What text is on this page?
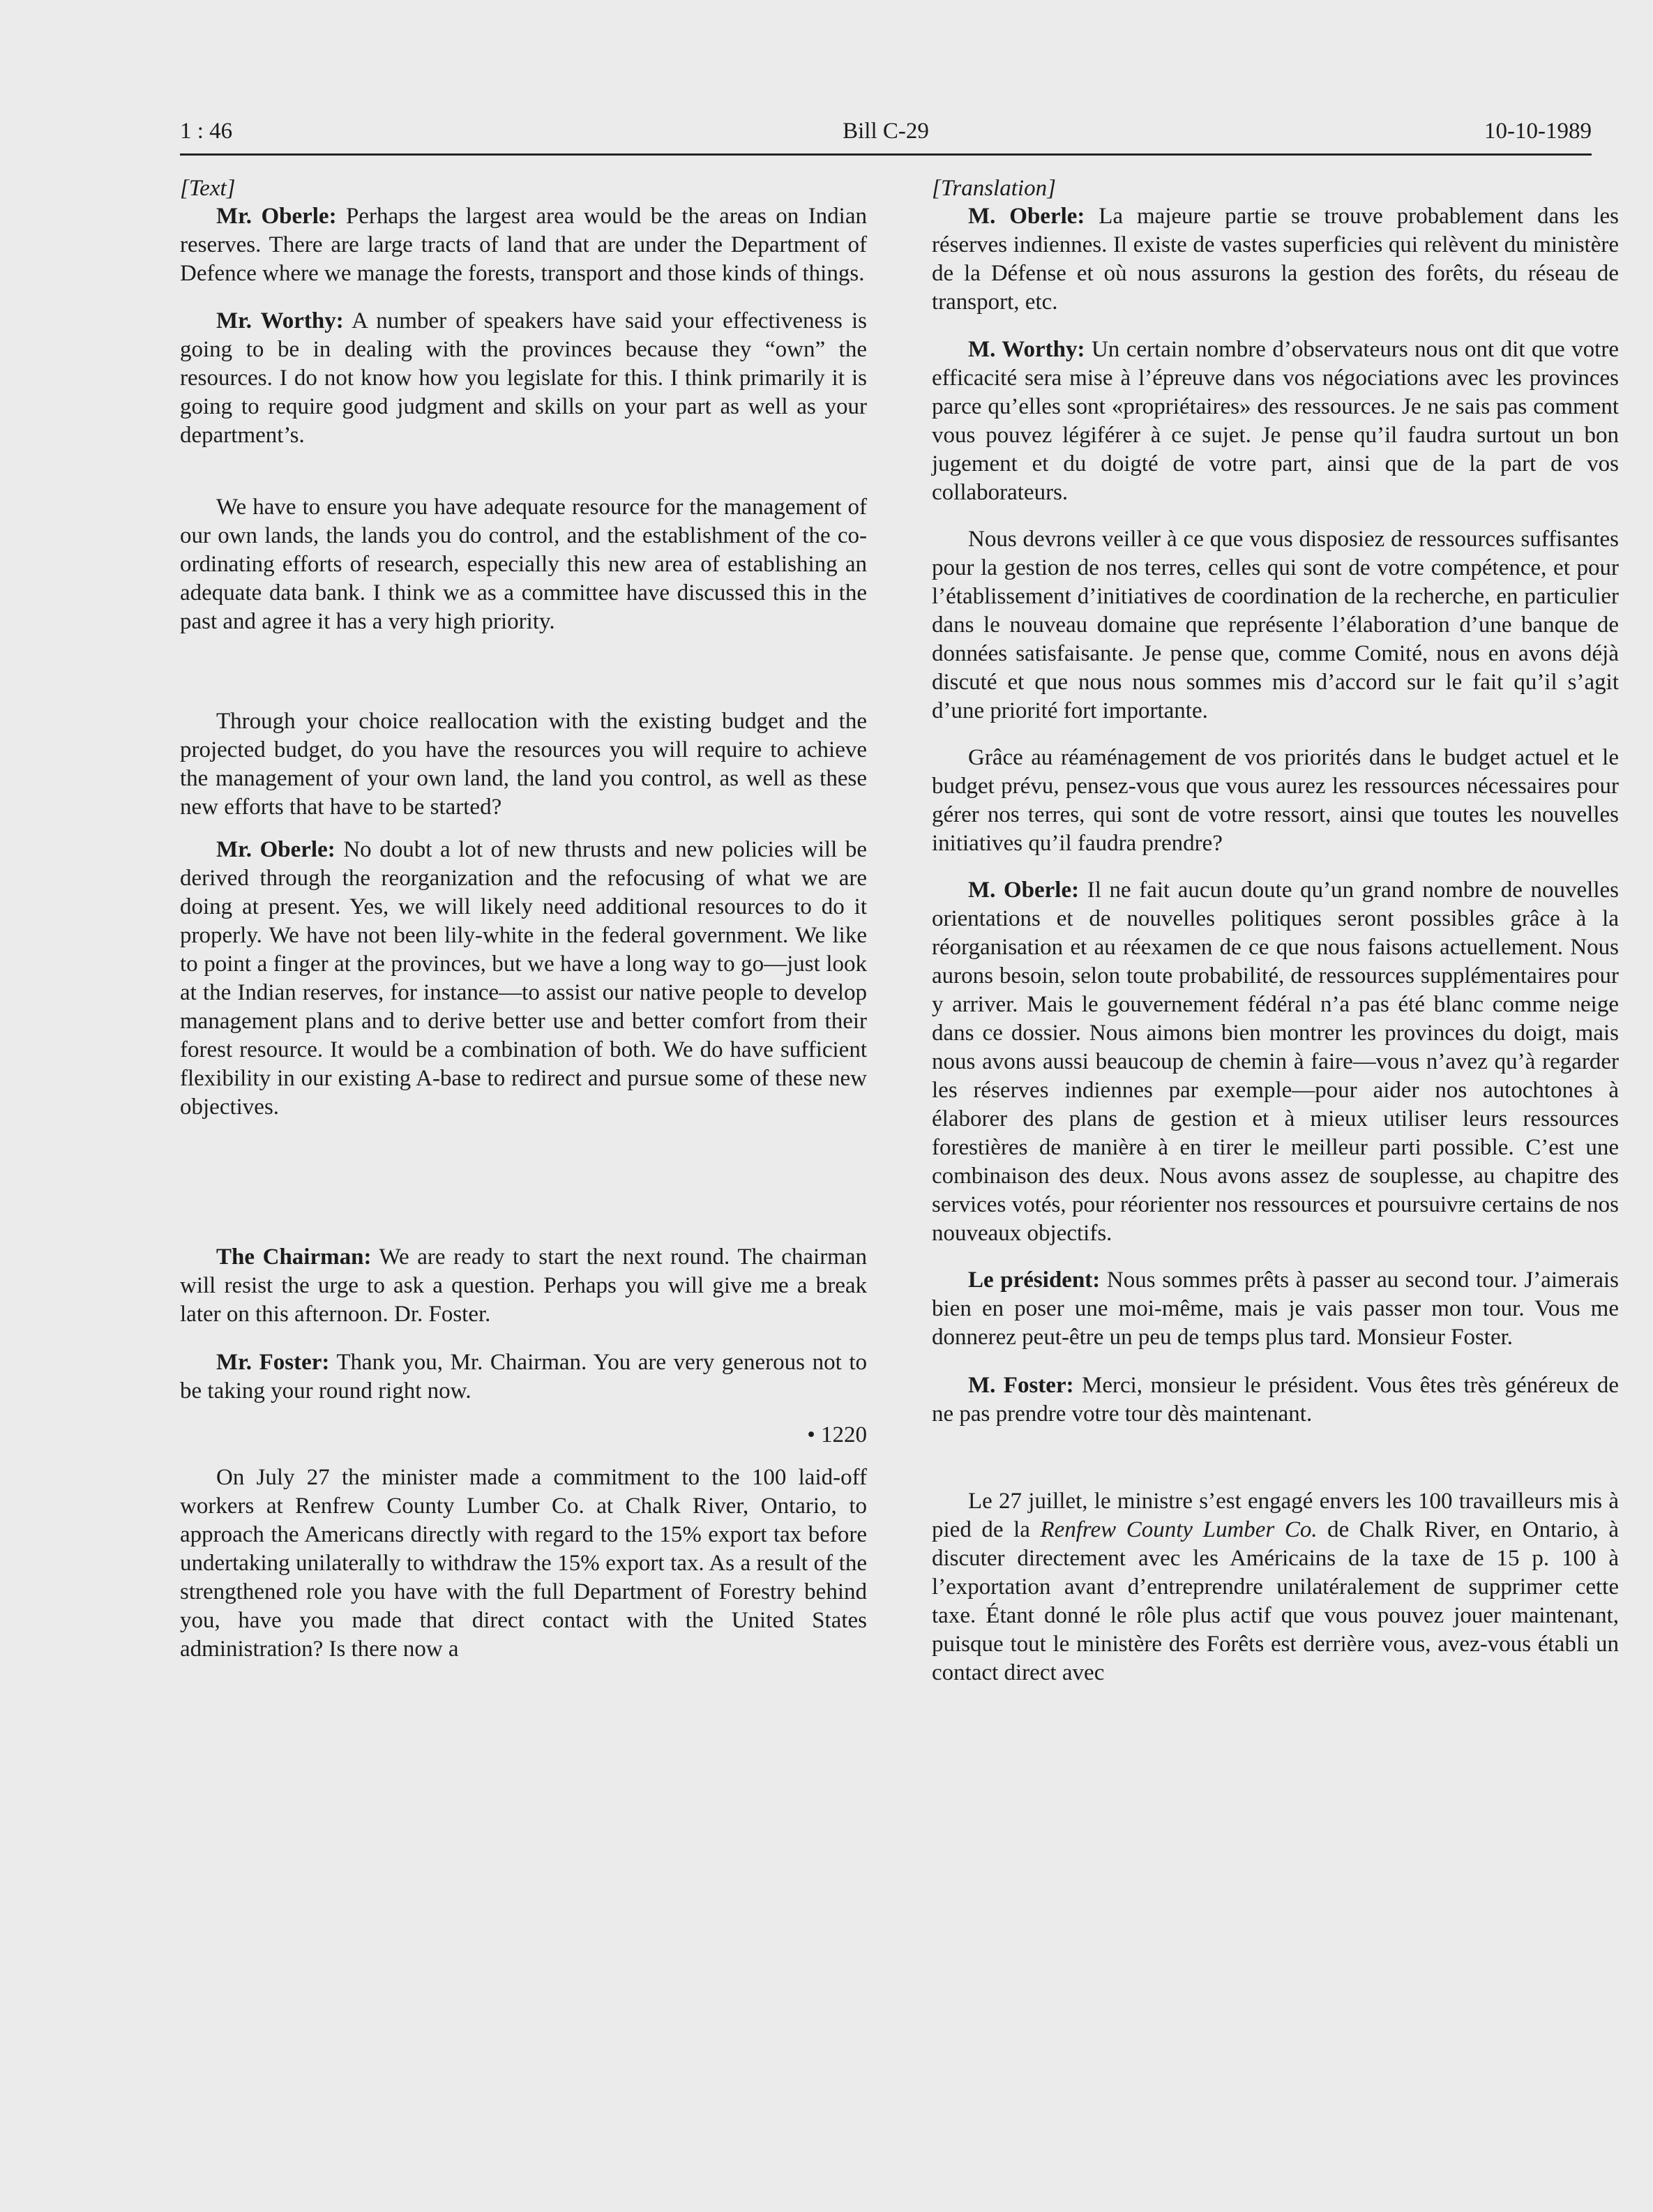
1 : 46	Bill C-29	10-10-1989
[Text]

Mr. Oberle: Perhaps the largest area would be the areas on Indian reserves. There are large tracts of land that are under the Department of Defence where we manage the forests, transport and those kinds of things.

Mr. Worthy: A number of speakers have said your effectiveness is going to be in dealing with the provinces because they “own” the resources. I do not know how you legislate for this. I think primarily it is going to require good judgment and skills on your part as well as your department’s.

We have to ensure you have adequate resource for the management of our own lands, the lands you do control, and the establishment of the co-ordinating efforts of research, especially this new area of establishing an adequate data bank. I think we as a committee have discussed this in the past and agree it has a very high priority.

Through your choice reallocation with the existing budget and the projected budget, do you have the resources you will require to achieve the management of your own land, the land you control, as well as these new efforts that have to be started?

Mr. Oberle: No doubt a lot of new thrusts and new policies will be derived through the reorganization and the refocusing of what we are doing at present. Yes, we will likely need additional resources to do it properly. We have not been lily-white in the federal government. We like to point a finger at the provinces, but we have a long way to go—just look at the Indian reserves, for instance—to assist our native people to develop management plans and to derive better use and better comfort from their forest resource. It would be a combination of both. We do have sufficient flexibility in our existing A-base to redirect and pursue some of these new objectives.

The Chairman: We are ready to start the next round. The chairman will resist the urge to ask a question. Perhaps you will give me a break later on this afternoon. Dr. Foster.

Mr. Foster: Thank you, Mr. Chairman. You are very generous not to be taking your round right now.

• 1220

On July 27 the minister made a commitment to the 100 laid-off workers at Renfrew County Lumber Co. at Chalk River, Ontario, to approach the Americans directly with regard to the 15% export tax before undertaking unilaterally to withdraw the 15% export tax. As a result of the strengthened role you have with the full Department of Forestry behind you, have you made that direct contact with the United States administration? Is there now a

[Translation]

M. Oberle: La majeure partie se trouve probablement dans les réserves indiennes. Il existe de vastes superficies qui relèvent du ministère de la Défense et où nous assurons la gestion des forêts, du réseau de transport, etc.

M. Worthy: Un certain nombre d’observateurs nous ont dit que votre efficacité sera mise à l’épreuve dans vos négociations avec les provinces parce qu’elles sont «propriétaires» des ressources. Je ne sais pas comment vous pouvez légiférer à ce sujet. Je pense qu’il faudra surtout un bon jugement et du doigté de votre part, ainsi que de la part de vos collaborateurs.

Nous devrons veiller à ce que vous disposiez de ressources suffisantes pour la gestion de nos terres, celles qui sont de votre compétence, et pour l’établissement d’initiatives de coordination de la recherche, en particulier dans le nouveau domaine que représente l’élaboration d’une banque de données satisfaisante. Je pense que, comme Comité, nous en avons déjà discuté et que nous nous sommes mis d’accord sur le fait qu’il s’agit d’une priorité fort importante.

Grâce au réaménagement de vos priorités dans le budget actuel et le budget prévu, pensez-vous que vous aurez les ressources nécessaires pour gérer nos terres, qui sont de votre ressort, ainsi que toutes les nouvelles initiatives qu’il faudra prendre?

M. Oberle: Il ne fait aucun doute qu’un grand nombre de nouvelles orientations et de nouvelles politiques seront possibles grâce à la réorganisation et au réexamen de ce que nous faisons actuellement. Nous aurons besoin, selon toute probabilité, de ressources supplémentaires pour y arriver. Mais le gouvernement fédéral n’a pas été blanc comme neige dans ce dossier. Nous aimons bien montrer les provinces du doigt, mais nous avons aussi beaucoup de chemin à faire—vous n’avez qu’à regarder les réserves indiennes par exemple—pour aider nos autochtones à élaborer des plans de gestion et à mieux utiliser leurs ressources forestières de manière à en tirer le meilleur parti possible. C’est une combinaison des deux. Nous avons assez de souplesse, au chapitre des services votés, pour réorienter nos ressources et poursuivre certains de nos nouveaux objectifs.

Le président: Nous sommes prêts à passer au second tour. J’aimerais bien en poser une moi-même, mais je vais passer mon tour. Vous me donnerez peut-être un peu de temps plus tard. Monsieur Foster.

M. Foster: Merci, monsieur le président. Vous êtes très généreux de ne pas prendre votre tour dès maintenant.

Le 27 juillet, le ministre s’est engagé envers les 100 travailleurs mis à pied de la Renfrew County Lumber Co. de Chalk River, en Ontario, à discuter directement avec les Américains de la taxe de 15 p. 100 à l’exportation avant d’entreprendre unilatéralement de supprimer cette taxe. Étant donné le rôle plus actif que vous pouvez jouer maintenant, puisque tout le ministère des Forêts est derrière vous, avez-vous établi un contact direct avec
